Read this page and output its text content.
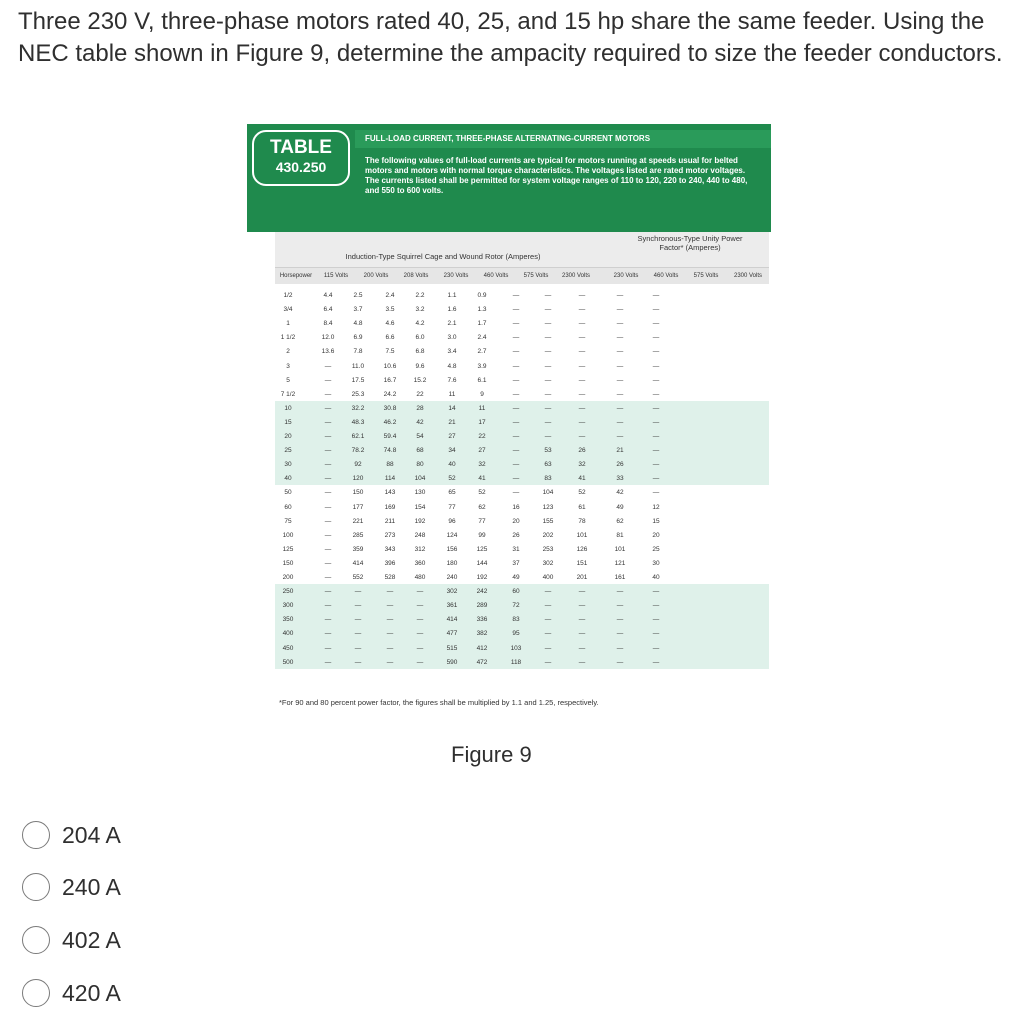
Three 230 V, three-phase motors rated 40, 25, and 15 hp share the same feeder. Using the NEC table shown in Figure 9, determine the ampacity required to size the feeder conductors.

TABLE
430.250
FULL-LOAD CURRENT, THREE-PHASE ALTERNATING-CURRENT MOTORS
The following values of full-load currents are typical for motors running at speeds usual for belted motors and motors with normal torque characteristics. The voltages listed are rated motor voltages. The currents listed shall be permitted for system voltage ranges of 110 to 120, 220 to 240, 440 to 480, and 550 to 600 volts.
Induction-Type Squirrel Cage and Wound Rotor (Amperes)
Synchronous-Type Unity Power Factor* (Amperes)
Horsepower	115 Volts	200 Volts	208 Volts	230 Volts	460 Volts	575 Volts	2300 Volts	230 Volts	460 Volts	575 Volts	2300 Volts
1/2	4.4	2.5	2.4	2.2	1.1	0.9	—	—	—	—	—
3/4	6.4	3.7	3.5	3.2	1.6	1.3	—	—	—	—	—
1	8.4	4.8	4.6	4.2	2.1	1.7	—	—	—	—	—
1 1/2	12.0	6.9	6.6	6.0	3.0	2.4	—	—	—	—	—
2	13.6	7.8	7.5	6.8	3.4	2.7	—	—	—	—	—
3	—	11.0	10.6	9.6	4.8	3.9	—	—	—	—	—
5	—	17.5	16.7	15.2	7.6	6.1	—	—	—	—	—
7 1/2	—	25.3	24.2	22	11	9	—	—	—	—	—
10	—	32.2	30.8	28	14	11	—	—	—	—	—
15	—	48.3	46.2	42	21	17	—	—	—	—	—
20	—	62.1	59.4	54	27	22	—	—	—	—	—
25	—	78.2	74.8	68	34	27	—	53	26	21	—
30	—	92	88	80	40	32	—	63	32	26	—
40	—	120	114	104	52	41	—	83	41	33	—
50	—	150	143	130	65	52	—	104	52	42	—
60	—	177	169	154	77	62	16	123	61	49	12
75	—	221	211	192	96	77	20	155	78	62	15
100	—	285	273	248	124	99	26	202	101	81	20
125	—	359	343	312	156	125	31	253	126	101	25
150	—	414	396	360	180	144	37	302	151	121	30
200	—	552	528	480	240	192	49	400	201	161	40
250	—	—	—	—	302	242	60	—	—	—	—
300	—	—	—	—	361	289	72	—	—	—	—
350	—	—	—	—	414	336	83	—	—	—	—
400	—	—	—	—	477	382	95	—	—	—	—
450	—	—	—	—	515	412	103	—	—	—	—
500	—	—	—	—	590	472	118	—	—	—	—
*For 90 and 80 percent power factor, the figures shall be multiplied by 1.1 and 1.25, respectively.
Figure 9
204 A
240 A
402 A
420 A
